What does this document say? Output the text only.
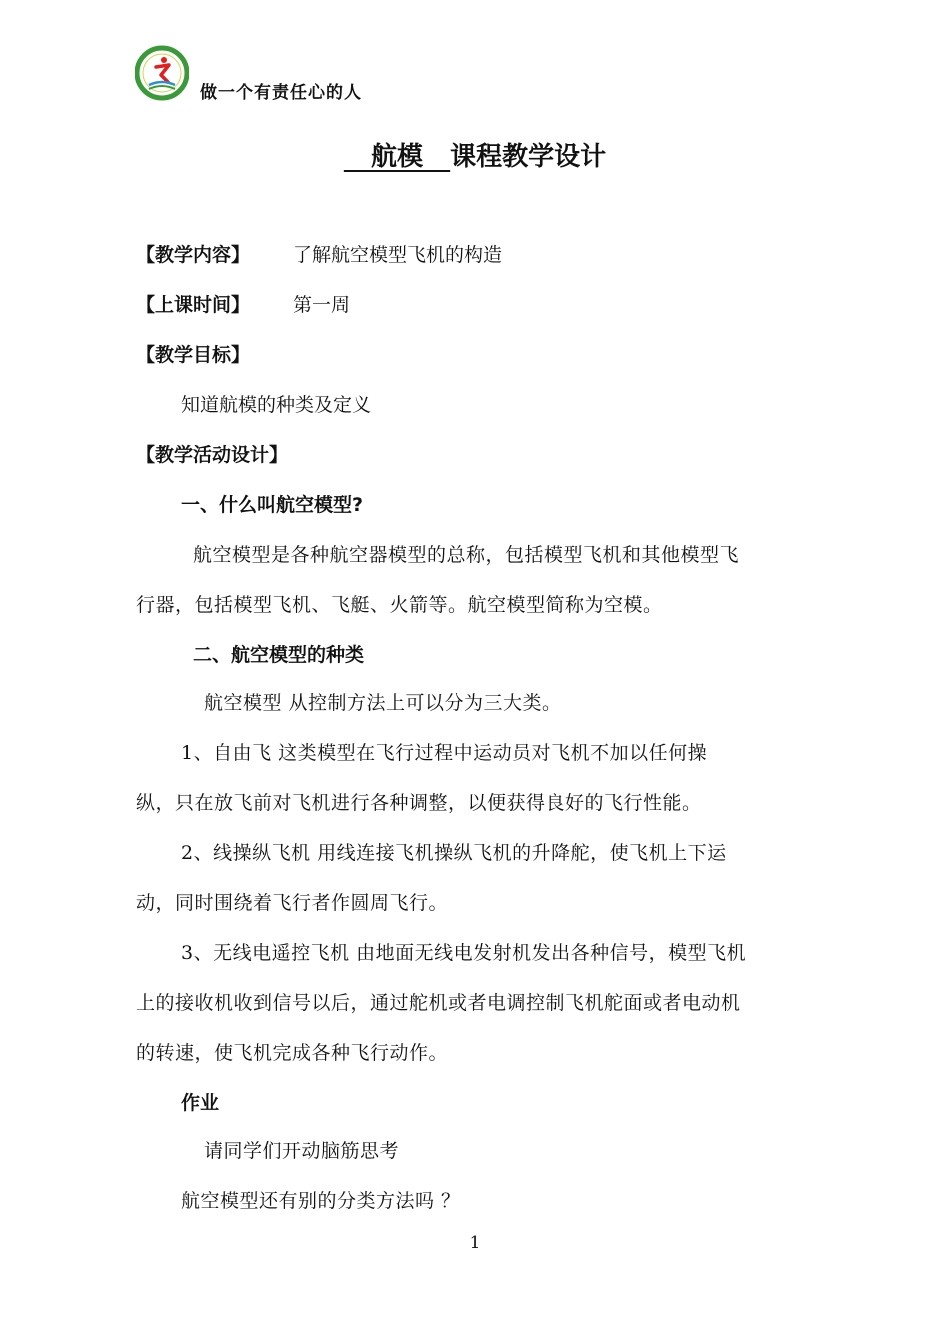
做一个有责任心的人
航模 课程教学设计
【教学内容】 了解航空模型飞机的构造
【上课时间】 第一周
【教学目标】
知道航模的种类及定义
【教学活动设计】
一、什么叫航空模型?
航空模型是各种航空器模型的总称，包括模型飞机和其他模型飞
行器，包括模型飞机、飞艇、火箭等。航空模型简称为空模。
二、航空模型的种类
航空模型 从控制方法上可以分为三大类。
1、自由飞 这类模型在飞行过程中运动员对飞机不加以任何操
纵，只在放飞前对飞机进行各种调整，以便获得良好的飞行性能。
2、线操纵飞机 用线连接飞机操纵飞机的升降舵，使飞机上下运
动，同时围绕着飞行者作圆周飞行。
3、无线电遥控飞机 由地面无线电发射机发出各种信号，模型飞机
上的接收机收到信号以后，通过舵机或者电调控制飞机舵面或者电动机
的转速，使飞机完成各种飞行动作。
作业
请同学们开动脑筋思考
航空模型还有别的分类方法吗 ？
1
